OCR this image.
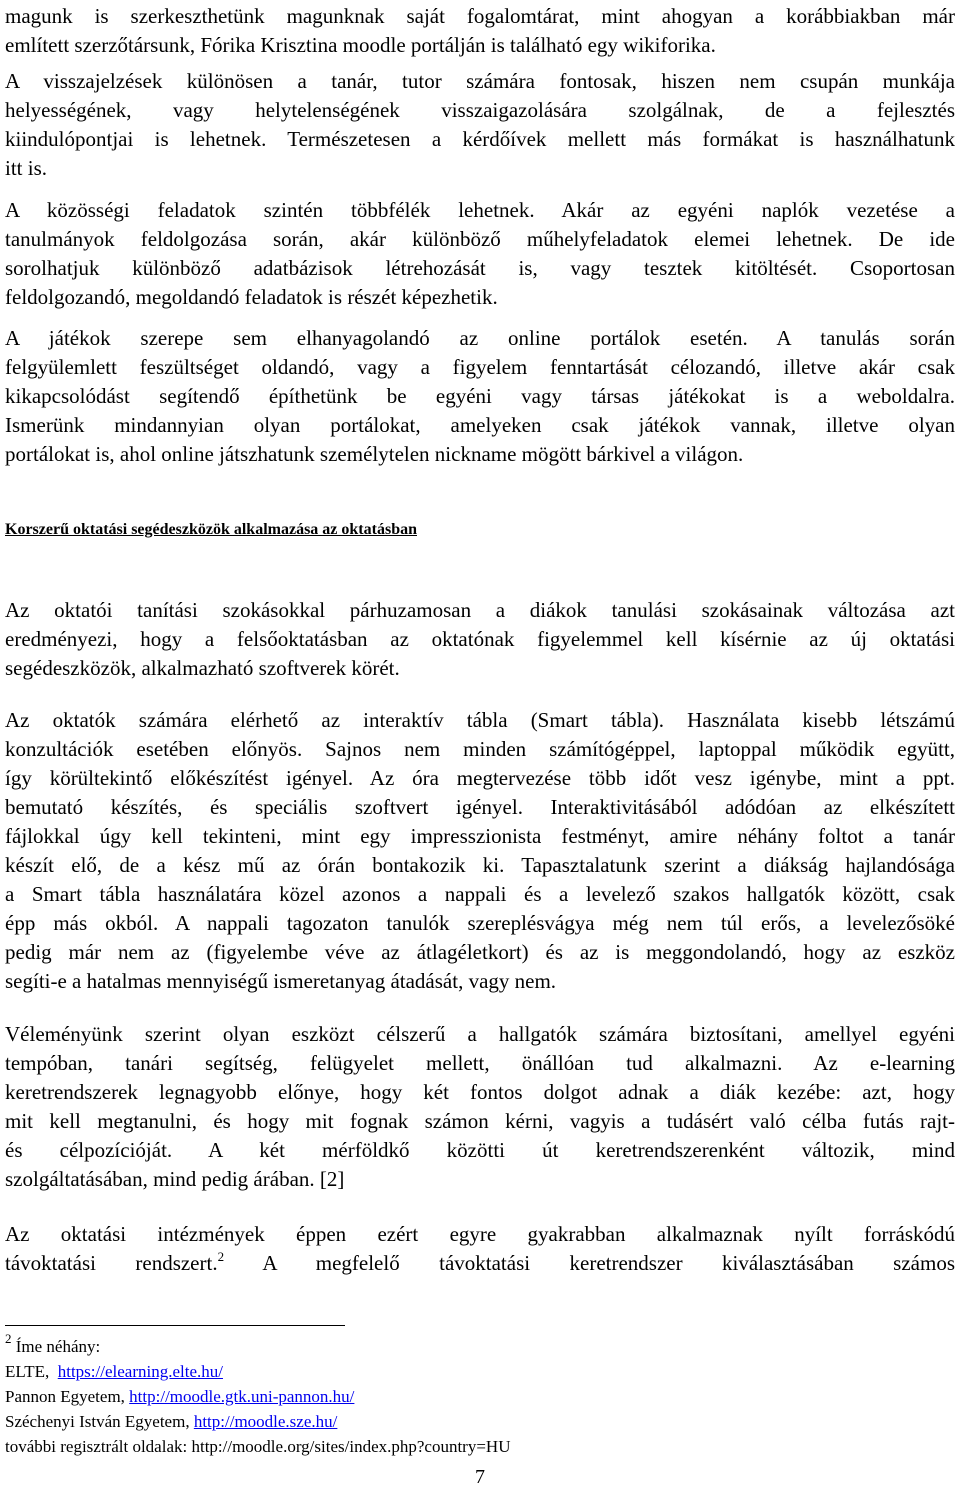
magunk is szerkeszthetünk magunknak saját fogalomtárat, mint ahogyan a korábbiakban már
említett szerzőtársunk, Fórika Krisztina moodle portálján is található egy wikiforika.
A visszajelzések különösen a tanár, tutor számára fontosak, hiszen nem csupán munkája
helyességének, vagy helytelenségének visszaigazolására szolgálnak, de a fejlesztés
kiindulópontjai is lehetnek. Természetesen a kérdőívek mellett más formákat is használhatunk
itt is.
A közösségi feladatok szintén többfélék lehetnek. Akár az egyéni naplók vezetése a
tanulmányok feldolgozása során, akár különböző műhelyfeladatok elemei lehetnek. De ide
sorolhatjuk különböző adatbázisok létrehozását is, vagy tesztek kitöltését. Csoportosan
feldolgozandó, megoldandó feladatok is részét képezhetik.
A játékok szerepe sem elhanyagolandó az online portálok esetén. A tanulás során
felgyülemlett feszültséget oldandó, vagy a figyelem fenntartását célozandó, illetve akár csak
kikapcsolódást segítendő építhetünk be egyéni vagy társas játékokat is a weboldalra.
Ismerünk mindannyian olyan portálokat, amelyeken csak játékok vannak, illetve olyan
portálokat is, ahol online játszhatunk személytelen nickname mögött bárkivel a világon.
Korszerű oktatási segédeszközök alkalmazása az oktatásban
Az oktatói tanítási szokásokkal párhuzamosan a diákok tanulási szokásainak változása azt
eredményezi, hogy a felsőoktatásban az oktatónak figyelemmel kell kísérnie az új oktatási
segédeszközök, alkalmazható szoftverek körét.
Az oktatók számára elérhető az interaktív tábla (Smart tábla). Használata kisebb létszámú
konzultációk esetében előnyös. Sajnos nem minden számítógéppel, laptoppal működik együtt,
így körültekintő előkészítést igényel. Az óra megtervezése több időt vesz igénybe, mint a ppt.
bemutató készítés, és speciális szoftvert igényel. Interaktivitásából adódóan az elkészített
fájlokkal úgy kell tekinteni, mint egy impresszionista festményt, amire néhány foltot a tanár
készít elő, de a kész mű az órán bontakozik ki. Tapasztalatunk szerint a diákság hajlandósága
a Smart tábla használatára közel azonos a nappali és a levelező szakos hallgatók között, csak
épp más okból. A nappali tagozaton tanulók szereplésvágya még nem túl erős, a levelezősöké
pedig már nem az (figyelembe véve az átlagéletkort) és az is meggondolandó, hogy az eszköz
segíti-e a hatalmas mennyiségű ismeretanyag átadását, vagy nem.
Véleményünk szerint olyan eszközt célszerű a hallgatók számára biztosítani, amellyel egyéni
tempóban, tanári segítség, felügyelet mellett, önállóan tud alkalmazni. Az e-learning
keretrendszerek legnagyobb előnye, hogy két fontos dolgot adnak a diák kezébe: azt, hogy
mit kell megtanulni, és hogy mit fognak számon kérni, vagyis a tudásért való célba futás rajt-
és célpozícióját. A két mérföldkő közötti út keretrendszerenként változik, mind
szolgáltatásában, mind pedig árában. [2]
Az oktatási intézmények éppen ezért egyre gyakrabban alkalmaznak nyílt forráskódú
távoktatási rendszert.$^2$ A megfelelő távoktatási keretrendszer kiválasztásában számos
$^2$ Íme néhány:
ELTE,  https://elearning.elte.hu/
Pannon Egyetem, http://moodle.gtk.uni-pannon.hu/
Széchenyi István Egyetem, http://moodle.sze.hu/
további regisztrált oldalak: http://moodle.org/sites/index.php?country=HU
7
